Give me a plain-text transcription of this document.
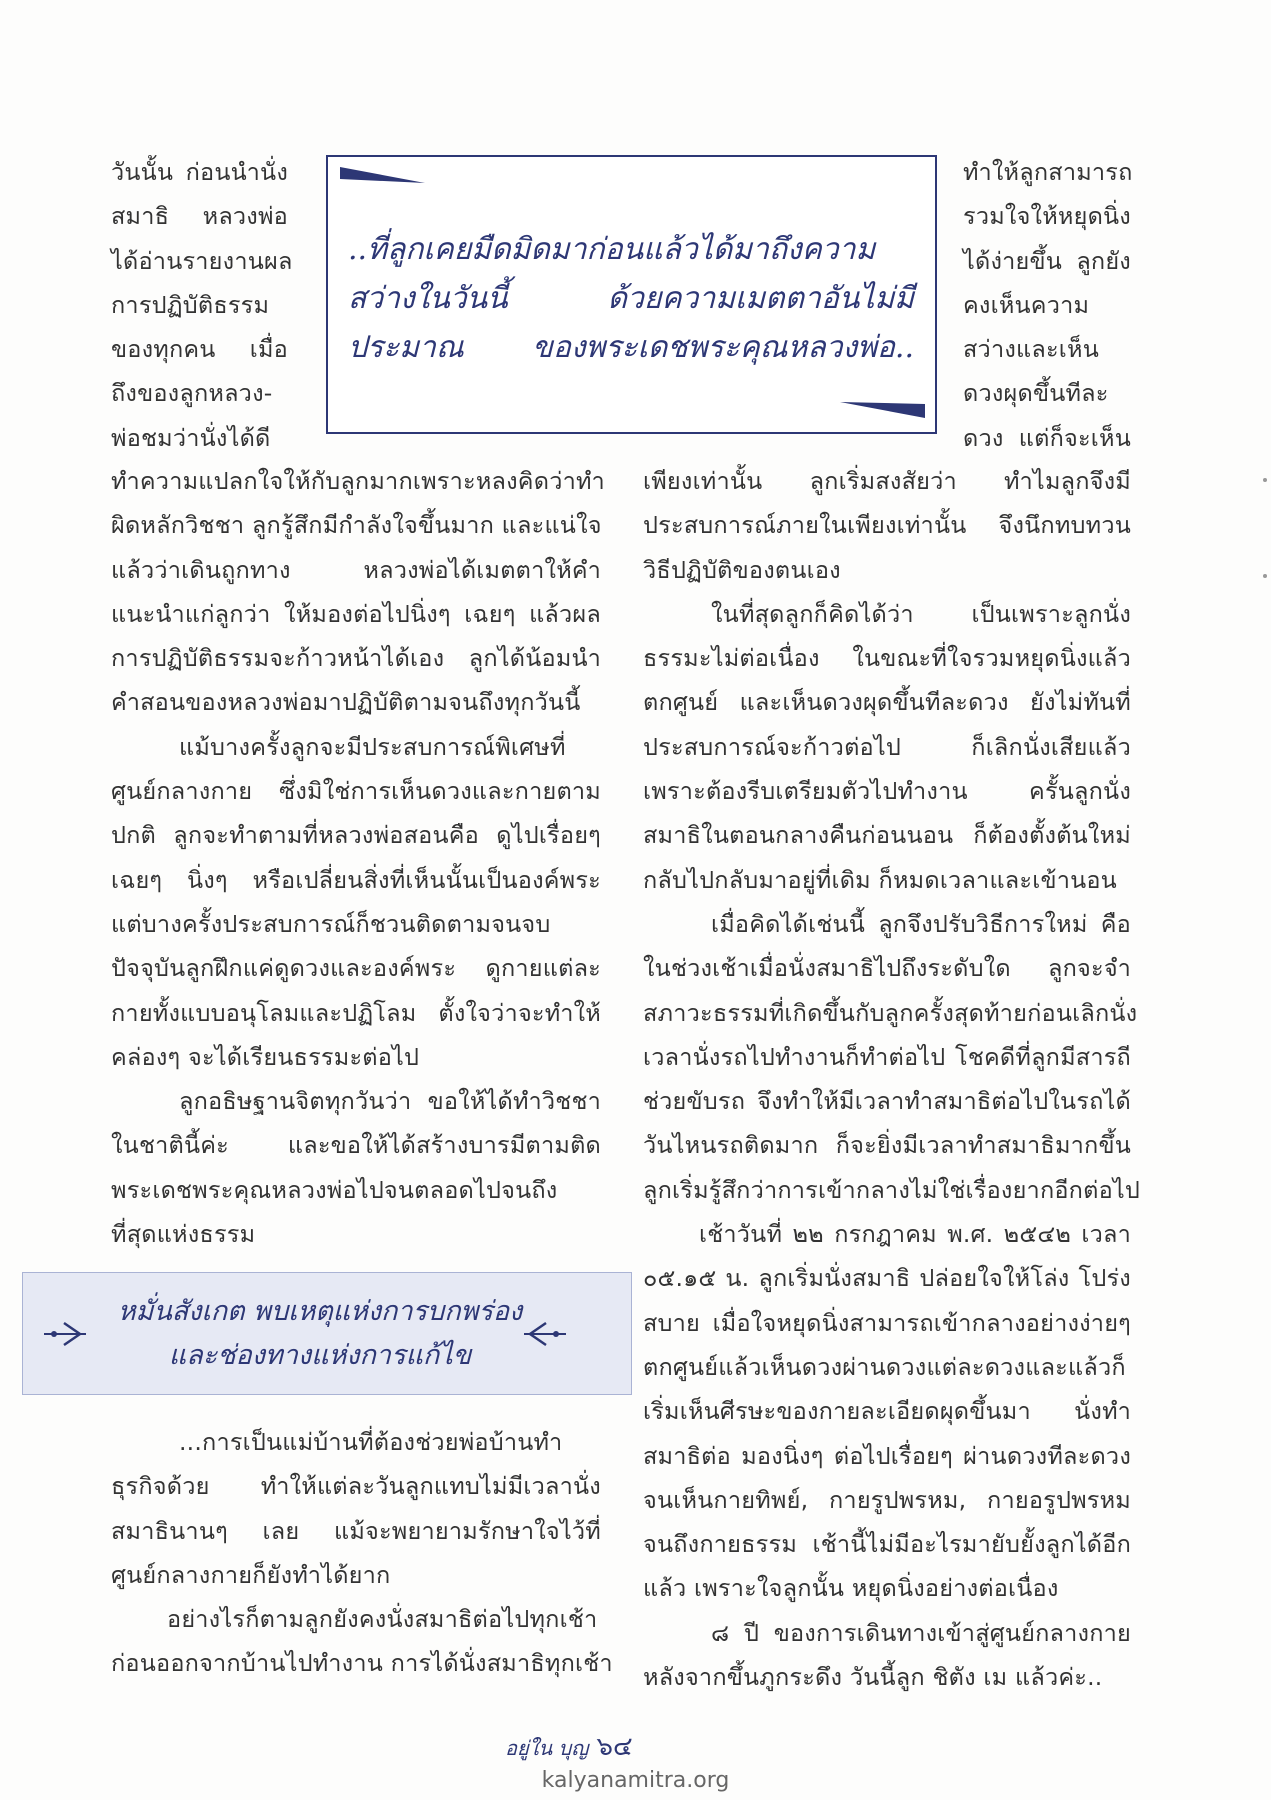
วันนั้น ก่อนนำนั่ง
สมาธิ หลวงพ่อ
ได้อ่านรายงานผล
การปฏิบัติธรรม
ของทุกคน เมื่อ
ถึงของลูกหลวง-
พ่อชมว่านั่งได้ดี
..ที่ลูกเคยมืดมิดมาก่อนแล้วได้มาถึงความ
สว่างในวันนี้ ด้วยความเมตตาอันไม่มี
ประมาณ ของพระเดชพระคุณหลวงพ่อ..
ทำให้ลูกสามารถ
รวมใจให้หยุดนิ่ง
ได้ง่ายขึ้น ลูกยัง
คงเห็นความ
สว่างและเห็น
ดวงผุดขึ้นทีละ
ดวง แต่ก็จะเห็น
ทำความแปลกใจให้กับลูกมากเพราะหลงคิดว่าทำ
ผิดหลักวิชชา ลูกรู้สึกมีกำลังใจขึ้นมาก และแน่ใจ
แล้วว่าเดินถูกทาง หลวงพ่อได้เมตตาให้คำ
แนะนำแก่ลูกว่า ให้มองต่อไปนิ่งๆ เฉยๆ แล้วผล
การปฏิบัติธรรมจะก้าวหน้าได้เอง ลูกได้น้อมนำ
คำสอนของหลวงพ่อมาปฏิบัติตามจนถึงทุกวันนี้
แม้บางครั้งลูกจะมีประสบการณ์พิเศษที่
ศูนย์กลางกาย ซึ่งมิใช่การเห็นดวงและกายตาม
ปกติ ลูกจะทำตามที่หลวงพ่อสอนคือ ดูไปเรื่อยๆ
เฉยๆ นิ่งๆ หรือเปลี่ยนสิ่งที่เห็นนั้นเป็นองค์พระ
แต่บางครั้งประสบการณ์ก็ชวนติดตามจนจบ
ปัจจุบันลูกฝึกแค่ดูดวงและองค์พระ ดูกายแต่ละ
กายทั้งแบบอนุโลมและปฏิโลม ตั้งใจว่าจะทำให้
คล่องๆ จะได้เรียนธรรมะต่อไป
ลูกอธิษฐานจิตทุกวันว่า ขอให้ได้ทำวิชชา
ในชาตินี้ค่ะ และขอให้ได้สร้างบารมีตามติด
พระเดชพระคุณหลวงพ่อไปจนตลอดไปจนถึง
ที่สุดแห่งธรรม
หมั่นสังเกต พบเหตุแห่งการบกพร่อง
และช่องทางแห่งการแก้ไข
...การเป็นแม่บ้านที่ต้องช่วยพ่อบ้านทำ
ธุรกิจด้วย ทำให้แต่ละวันลูกแทบไม่มีเวลานั่ง
สมาธินานๆ เลย แม้จะพยายามรักษาใจไว้ที่
ศูนย์กลางกายก็ยังทำได้ยาก
อย่างไรก็ตามลูกยังคงนั่งสมาธิต่อไปทุกเช้า
ก่อนออกจากบ้านไปทำงาน การได้นั่งสมาธิทุกเช้า
เพียงเท่านั้น ลูกเริ่มสงสัยว่า ทำไมลูกจึงมี
ประสบการณ์ภายในเพียงเท่านั้น จึงนึกทบทวน
วิธีปฏิบัติของตนเอง
ในที่สุดลูกก็คิดได้ว่า เป็นเพราะลูกนั่ง
ธรรมะไม่ต่อเนื่อง ในขณะที่ใจรวมหยุดนิ่งแล้ว
ตกศูนย์ และเห็นดวงผุดขึ้นทีละดวง ยังไม่ทันที่
ประสบการณ์จะก้าวต่อไป ก็เลิกนั่งเสียแล้ว
เพราะต้องรีบเตรียมตัวไปทำงาน ครั้นลูกนั่ง
สมาธิในตอนกลางคืนก่อนนอน ก็ต้องตั้งต้นใหม่
กลับไปกลับมาอยู่ที่เดิม ก็หมดเวลาและเข้านอน
เมื่อคิดได้เช่นนี้ ลูกจึงปรับวิธีการใหม่ คือ
ในช่วงเช้าเมื่อนั่งสมาธิไปถึงระดับใด ลูกจะจำ
สภาวะธรรมที่เกิดขึ้นกับลูกครั้งสุดท้ายก่อนเลิกนั่ง
เวลานั่งรถไปทำงานก็ทำต่อไป โชคดีที่ลูกมีสารถี
ช่วยขับรถ จึงทำให้มีเวลาทำสมาธิต่อไปในรถได้
วันไหนรถติดมาก ก็จะยิ่งมีเวลาทำสมาธิมากขึ้น
ลูกเริ่มรู้สึกว่าการเข้ากลางไม่ใช่เรื่องยากอีกต่อไป
เช้าวันที่ ๒๒ กรกฎาคม พ.ศ. ๒๕๔๒ เวลา
๐๕.๑๕ น. ลูกเริ่มนั่งสมาธิ ปล่อยใจให้โล่ง โปร่ง
สบาย เมื่อใจหยุดนิ่งสามารถเข้ากลางอย่างง่ายๆ
ตกศูนย์แล้วเห็นดวงผ่านดวงแต่ละดวงและแล้วก็
เริ่มเห็นศีรษะของกายละเอียดผุดขึ้นมา นั่งทำ
สมาธิต่อ มองนิ่งๆ ต่อไปเรื่อยๆ ผ่านดวงทีละดวง
จนเห็นกายทิพย์, กายรูปพรหม, กายอรูปพรหม
จนถึงกายธรรม เช้านี้ไม่มีอะไรมายับยั้งลูกได้อีก
แล้ว เพราะใจลูกนั้น หยุดนิ่งอย่างต่อเนื่อง
๘ ปี ของการเดินทางเข้าสู่ศูนย์กลางกาย
หลังจากขึ้นภูกระดึง วันนี้ลูก ชิตัง เม แล้วค่ะ..
อยู่ใน บุญ ๖๔
kalyanamitra.org
